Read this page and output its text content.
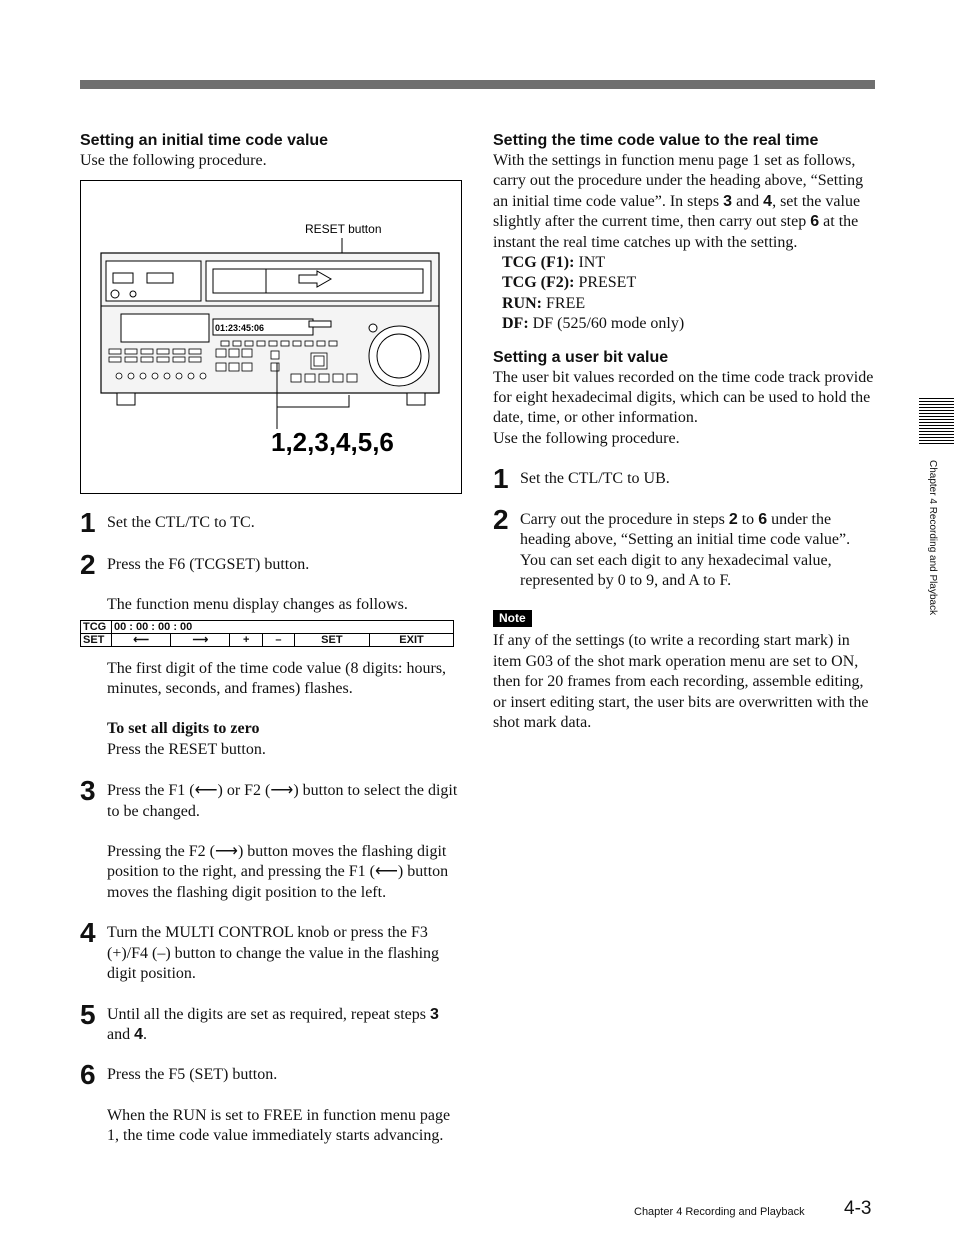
Setting an initial time code value

Use the following procedure.

RESET button
01:23:45:06
1,2,3,4,5,6
1 Set the CTL/TC to TC.

2 Press the F6 (TCGSET) button.

The function menu display changes as follows.

TCG	00 : 00 : 00 : 00					
SET	⟵	⟶	+	–	SET	EXIT

The first digit of the time code value (8 digits: hours, minutes, seconds, and frames) flashes.

To set all digits to zero

Press the RESET button.

3 Press the F1 (⟵) or F2 (⟶) button to select the digit to be changed.

Pressing the F2 (⟶) button moves the flashing digit position to the right, and pressing the F1 (⟵) button moves the flashing digit position to the left.

4 Turn the MULTI CONTROL knob or press the F3 (+)/F4 (–) button to change the value in the flashing digit position.

5 Until all the digits are set as required, repeat steps 3 and 4.

6 Press the F5 (SET) button.

When the RUN is set to FREE in function menu page 1, the time code value immediately starts advancing.

Setting the time code value to the real time

With the settings in function menu page 1 set as follows, carry out the procedure under the heading above, “Setting an initial time code value”. In steps 3 and 4, set the value slightly after the current time, then carry out step 6 at the instant the real time catches up with the setting.

TCG (F1): INT

TCG (F2): PRESET

RUN: FREE

DF: DF (525/60 mode only)

Setting a user bit value

The user bit values recorded on the time code track provide for eight hexadecimal digits, which can be used to hold the date, time, or other information.

Use the following procedure.

1 Set the CTL/TC to UB.

2 Carry out the procedure in steps 2 to 6 under the heading above, “Setting an initial time code value”.

You can set each digit to any hexadecimal value, represented by 0 to 9, and A to F.

Note

If any of the settings (to write a recording start mark) in item G03 of the shot mark operation menu are set to ON, then for 20 frames from each recording, assemble editing, or insert editing start, the user bits are overwritten with the shot mark data.

Chapter 4 Recording and Playback
Chapter 4 Recording and Playback 4-3
